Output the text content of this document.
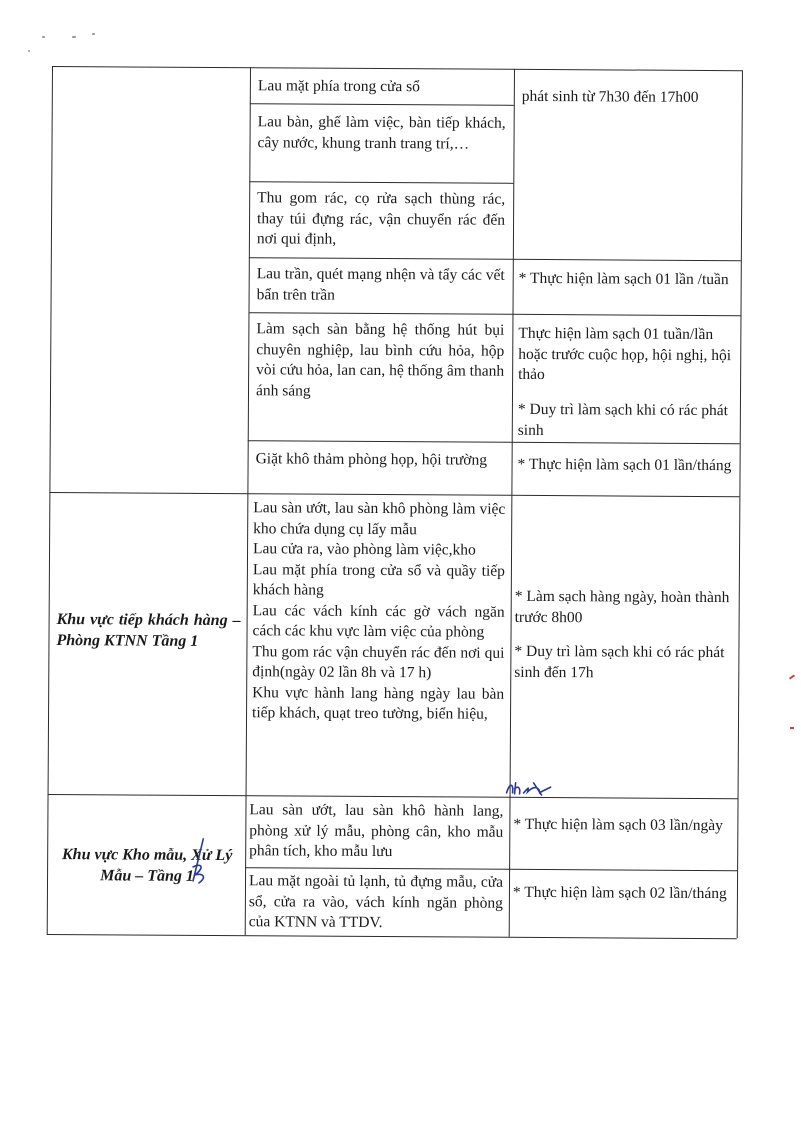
Lau mặt phía trong cửa sổ
phát sinh từ 7h30 đến 17h00
Lau bàn, ghế làm việc, bàn tiếp khách, cây nước, khung tranh trang trí,…
Thu gom rác, cọ rửa sạch thùng rác, thay túi đựng rác, vận chuyển rác đến nơi qui định,
Lau trần, quét mạng nhện và tẩy các vết bẩn trên trần
* Thực hiện làm sạch 01 lần /tuần
Làm sạch sàn bằng hệ thống hút bụi chuyên nghiệp, lau bình cứu hỏa, hộp vòi cứu hỏa, lan can, hệ thống âm thanh ánh sáng
Thực hiện làm sạch 01 tuần/lần hoặc trước cuộc họp, hội nghị, hội thảo
* Duy trì làm sạch khi có rác phát sinh
Giặt khô thảm phòng họp, hội trường	* Thực hiện làm sạch 01 lần/tháng
Khu vực tiếp khách hàng – Phòng KTNN Tầng 1
Lau sàn ướt, lau sàn khô phòng làm việc kho chứa dụng cụ lấy mẫu
Lau cửa ra, vào phòng làm việc,kho
Lau mặt phía trong cửa sổ và quầy tiếp khách hàng
Lau các vách kính các gờ vách ngăn cách các khu vực làm việc của phòng
Thu gom rác vận chuyển rác đến nơi qui định(ngày 02 lần 8h và 17 h)
Khu vực hành lang hàng ngày lau bàn tiếp khách, quạt treo tường, biển hiệu,
* Làm sạch hàng ngày, hoàn thành trước 8h00
* Duy trì làm sạch khi có rác phát sinh đến 17h
Khu vực Kho mẫu, Xử Lý Mẫu – Tầng 1
Lau sàn ướt, lau sàn khô hành lang, phòng xử lý mẫu, phòng cân, kho mẫu phân tích, kho mẫu lưu
* Thực hiện làm sạch 03 lần/ngày
Lau mặt ngoài tủ lạnh, tủ đựng mẫu, cửa sổ, cửa ra vào, vách kính ngăn phòng của KTNN và TTDV.
* Thực hiện làm sạch 02 lần/tháng
